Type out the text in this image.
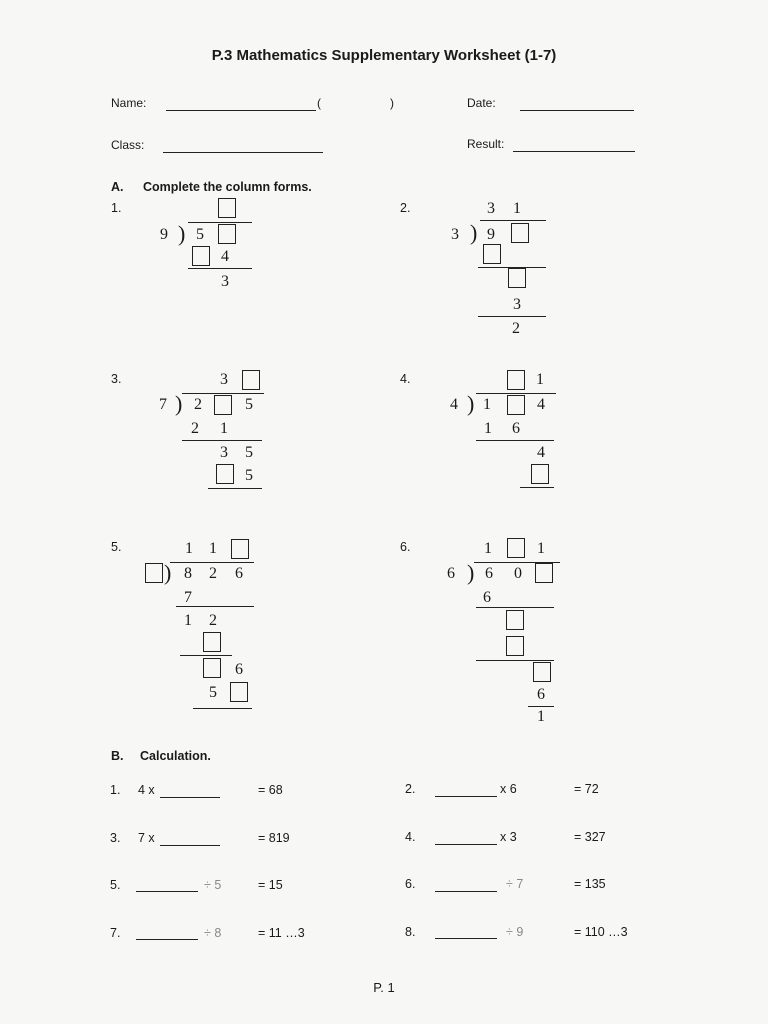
P.3 Mathematics Supplementary Worksheet (1-7)
Name:	(	)	Date:
Class:	Result:
A. Complete the column forms.
1.	2.
3.	4.
5.	6.
9 ) 5
4
3
3 1
3 ) 9
3
2
3
7 ) 2	5
2 1
3 5
5
1
4 ) 1	4
1 6
4
1 1
) 8 2 6
7
1 2
6
5
1	1
6 ) 6 0
6
6
1
B. Calculation.
1. 4 x	= 68	2.	x 6	= 72
3. 7 x	= 819	4.	x 3	= 327
5.	÷ 5	= 15	6.	÷ 7	= 135
7.	÷ 8	= 11 …3	8.	÷ 9	= 110 …3
P. 1
